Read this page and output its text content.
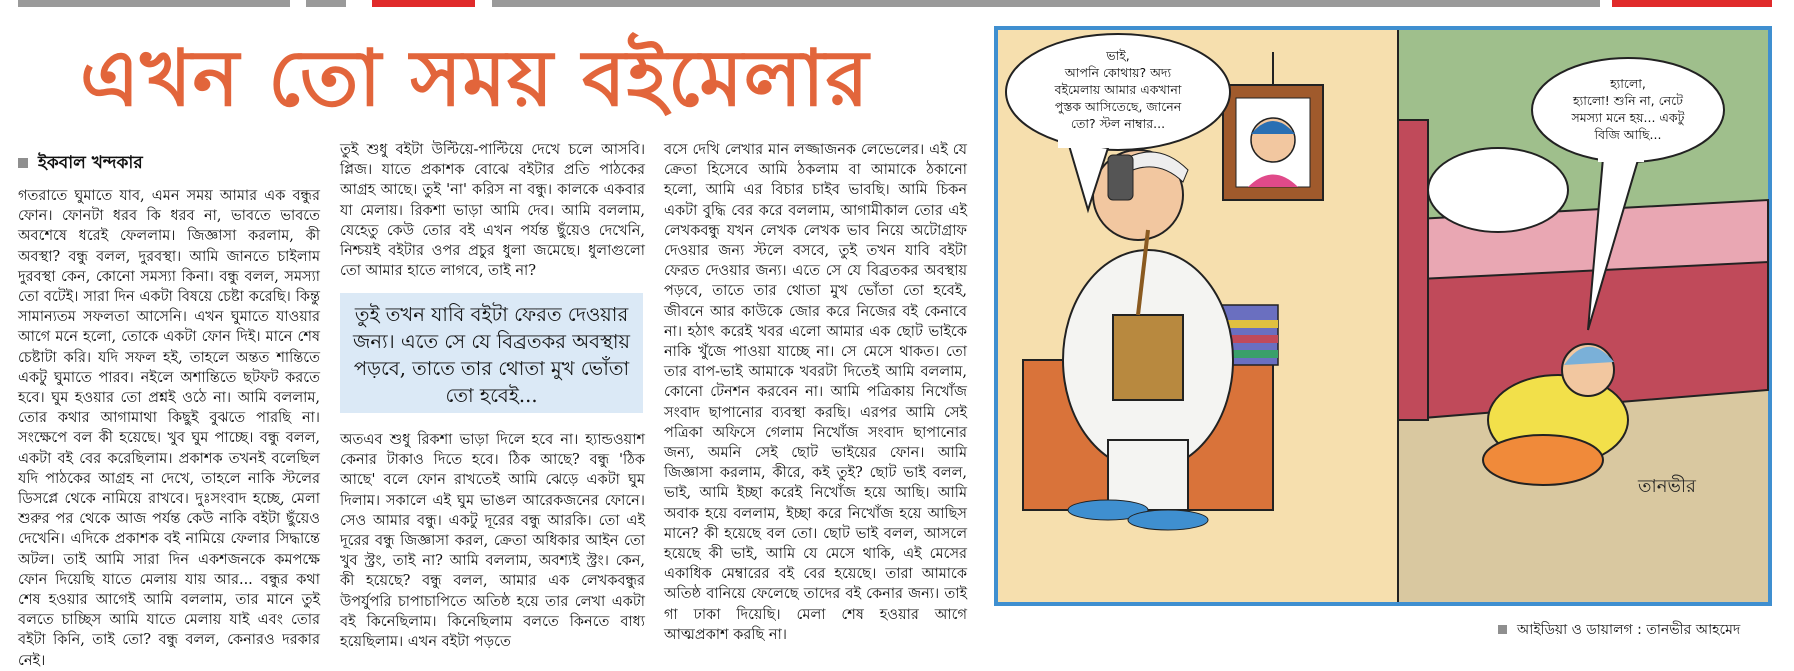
এখন তো সময় বইমেলার
ইকবাল খন্দকার
গতরাতে ঘুমাতে যাব, এমন সময় আমার এক বন্ধুর ফোন। ফোনটা ধরব কি ধরব না, ভাবতে ভাবতে অবশেষে ধরেই ফেললাম। জিজ্ঞাসা করলাম, কী অবস্থা? বন্ধু বলল, দুরবস্থা। আমি জানতে চাইলাম দুরবস্থা কেন, কোনো সমস্যা কিনা। বন্ধু বলল, সমস্যা তো বটেই। সারা দিন একটা বিষয়ে চেষ্টা করেছি। কিন্তু সামান্যতম সফলতা আসেনি। এখন ঘুমাতে যাওয়ার আগে মনে হলো, তোকে একটা ফোন দিই। মানে শেষ চেষ্টাটা করি। যদি সফল হই, তাহলে অন্তত শান্তিতে একটু ঘুমাতে পারব। নইলে অশান্তিতে ছটফট করতে হবে। ঘুম হওয়ার তো প্রশ্নই ওঠে না। আমি বললাম, তোর কথার আগামাথা কিছুই বুঝতে পারছি না। সংক্ষেপে বল কী হয়েছে। খুব ঘুম পাচ্ছে। বন্ধু বলল, একটা বই বের করেছিলাম। প্রকাশক তখনই বলেছিল যদি পাঠকের আগ্রহ না দেখে, তাহলে নাকি স্টলের ডিসপ্লে থেকে নামিয়ে রাখবে। দুঃসংবাদ হচ্ছে, মেলা শুরুর পর থেকে আজ পর্যন্ত কেউ নাকি বইটা ছুঁয়েও দেখেনি। এদিকে প্রকাশক বই নামিয়ে ফেলার সিদ্ধান্তে অটল। তাই আমি সারা দিন একশজনকে কমপক্ষে ফোন দিয়েছি যাতে মেলায় যায় আর... বন্ধুর কথা শেষ হওয়ার আগেই আমি বললাম, তার মানে তুই বলতে চাচ্ছিস আমি যাতে মেলায় যাই এবং তোর বইটা কিনি, তাই তো? বন্ধু বলল, কেনারও দরকার নেই।
তুই শুধু বইটা উল্টিয়ে-পাল্টিয়ে দেখে চলে আসবি। প্লিজ। যাতে প্রকাশক বোঝে বইটার প্রতি পাঠকের আগ্রহ আছে। তুই 'না' করিস না বন্ধু। কালকে একবার যা মেলায়। রিকশা ভাড়া আমি দেব। আমি বললাম, যেহেতু কেউ তোর বই এখন পর্যন্ত ছুঁয়েও দেখেনি, নিশ্চয়ই বইটার ওপর প্রচুর ধুলা জমেছে। ধুলাগুলো তো আমার হাতে লাগবে, তাই না?
তুই তখন যাবি বইটা ফেরত দেওয়ার জন্য। এতে সে যে বিব্রতকর অবস্থায় পড়বে, তাতে তার থোতা মুখ ভোঁতা তো হবেই...
অতএব শুধু রিকশা ভাড়া দিলে হবে না। হ্যান্ডওয়াশ কেনার টাকাও দিতে হবে। ঠিক আছে? বন্ধু 'ঠিক আছে' বলে ফোন রাখতেই আমি ঝেড়ে একটা ঘুম দিলাম। সকালে এই ঘুম ভাঙল আরেকজনের ফোনে। সেও আমার বন্ধু। একটু দূরের বন্ধু আরকি। তো এই দূরের বন্ধু জিজ্ঞাসা করল, ক্রেতা অধিকার আইন তো খুব স্ট্রং, তাই না? আমি বললাম, অবশ্যই স্ট্রং। কেন, কী হয়েছে? বন্ধু বলল, আমার এক লেখকবন্ধুর উপর্যুপরি চাপাচাপিতে অতিষ্ঠ হয়ে তার লেখা একটা বই কিনেছিলাম। কিনেছিলাম বলতে কিনতে বাধ্য হয়েছিলাম। এখন বইটা পড়তে
বসে দেখি লেখার মান লজ্জাজনক লেভেলের। এই যে ক্রেতা হিসেবে আমি ঠকলাম বা আমাকে ঠকানো হলো, আমি এর বিচার চাইব ভাবছি। আমি চিকন একটা বুদ্ধি বের করে বললাম, আগামীকাল তোর এই লেখকবন্ধু যখন লেখক লেখক ভাব নিয়ে অটোগ্রাফ দেওয়ার জন্য স্টলে বসবে, তুই তখন যাবি বইটা ফেরত দেওয়ার জন্য। এতে সে যে বিব্রতকর অবস্থায় পড়বে, তাতে তার থোতা মুখ ভোঁতা তো হবেই, জীবনে আর কাউকে জোর করে নিজের বই কেনাবে না। হঠাৎ করেই খবর এলো আমার এক ছোট ভাইকে নাকি খুঁজে পাওয়া যাচ্ছে না। সে মেসে থাকত। তো তার বাপ-ভাই আমাকে খবরটা দিতেই আমি বললাম, কোনো টেনশন করবেন না। আমি পত্রিকায় নিখোঁজ সংবাদ ছাপানোর ব্যবস্থা করছি। এরপর আমি সেই পত্রিকা অফিসে গেলাম নিখোঁজ সংবাদ ছাপানোর জন্য, অমনি সেই ছোট ভাইয়ের ফোন। আমি জিজ্ঞাসা করলাম, কীরে, কই তুই? ছোট ভাই বলল, ভাই, আমি ইচ্ছা করেই নিখোঁজ হয়ে আছি। আমি অবাক হয়ে বললাম, ইচ্ছা করে নিখোঁজ হয়ে আছিস মানে? কী হয়েছে বল তো। ছোট ভাই বলল, আসলে হয়েছে কী ভাই, আমি যে মেসে থাকি, এই মেসের একাধিক মেম্বারের বই বের হয়েছে। তারা আমাকে অতিষ্ঠ বানিয়ে ফেলেছে তাদের বই কেনার জন্য। তাই গা ঢাকা দিয়েছি। মেলা শেষ হওয়ার আগে আত্মপ্রকাশ করছি না।
ভাই,
আপনি কোথায়? অদ্য
বইমেলায় আমার একখানা
পুস্তক আসিতেছে, জানেন
তো? স্টল নাম্বার...
হ্যালো,
হ্যালো! শুনি না, নেটে
সমস্যা মনে হয়... একটু
বিজি আছি...
তানভীর
আইডিয়া ও ডায়ালগ : তানভীর আহমেদ
